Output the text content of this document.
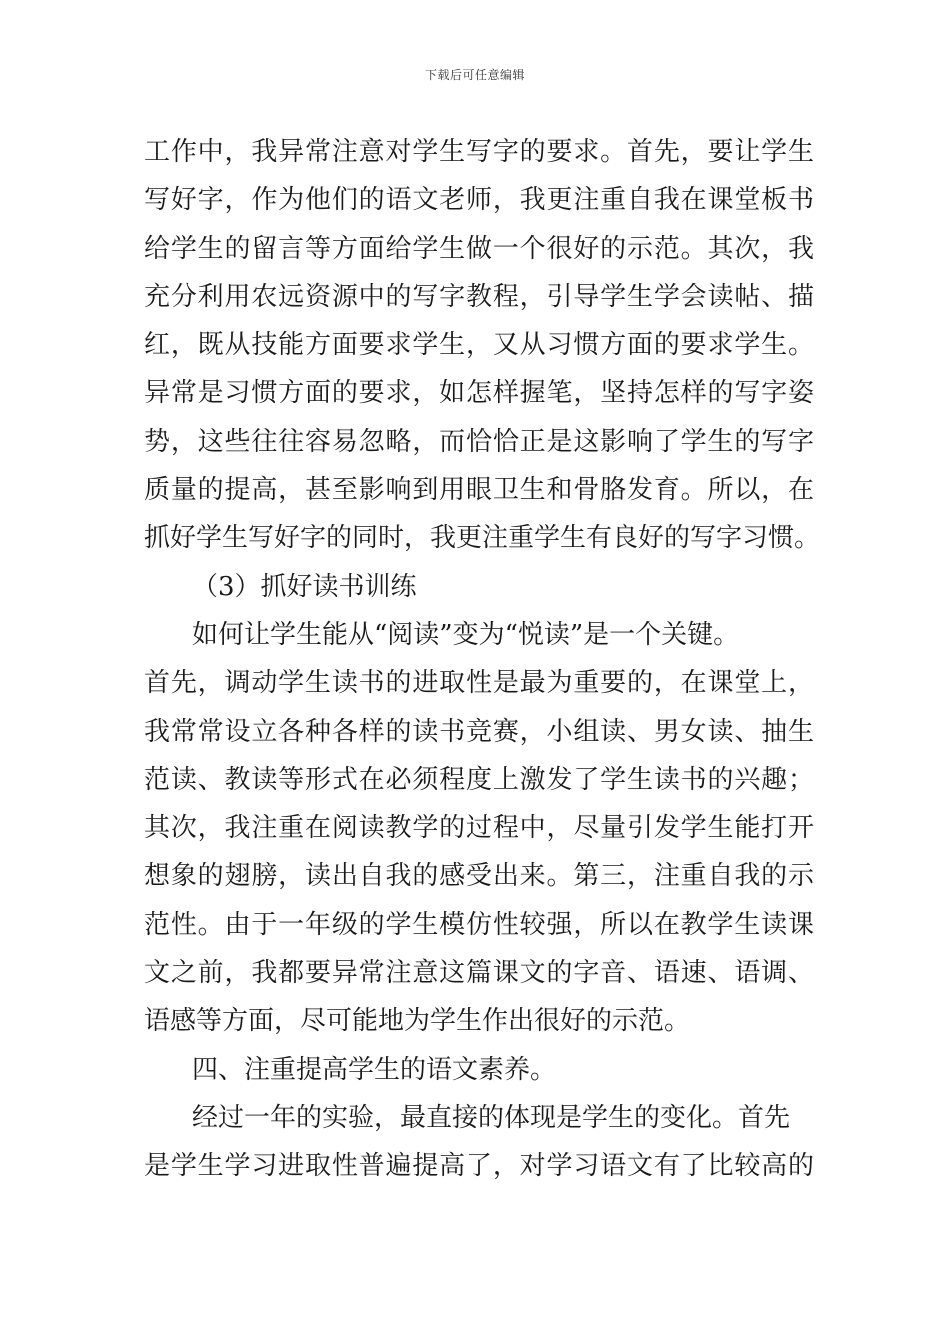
下载后可任意编辑
工作中，我异常注意对学生写字的要求。首先，要让学生
写好字，作为他们的语文老师，我更注重自我在课堂板书
给学生的留言等方面给学生做一个很好的示范。其次，我
充分利用农远资源中的写字教程，引导学生学会读帖、描
红，既从技能方面要求学生，又从习惯方面的要求学生。
异常是习惯方面的要求，如怎样握笔，坚持怎样的写字姿
势，这些往往容易忽略，而恰恰正是这影响了学生的写字
质量的提高，甚至影响到用眼卫生和骨胳发育。所以，在
抓好学生写好字的同时，我更注重学生有良好的写字习惯。
（3）抓好读书训练
如何让学生能从“阅读”变为“悦读”是一个关键。
首先，调动学生读书的进取性是最为重要的，在课堂上，
我常常设立各种各样的读书竞赛，小组读、男女读、抽生
范读、教读等形式在必须程度上激发了学生读书的兴趣；
其次，我注重在阅读教学的过程中，尽量引发学生能打开
想象的翅膀，读出自我的感受出来。第三，注重自我的示
范性。由于一年级的学生模仿性较强，所以在教学生读课
文之前，我都要异常注意这篇课文的字音、语速、语调、
语感等方面，尽可能地为学生作出很好的示范。
四、注重提高学生的语文素养。
经过一年的实验，最直接的体现是学生的变化。首先
是学生学习进取性普遍提高了，对学习语文有了比较高的
